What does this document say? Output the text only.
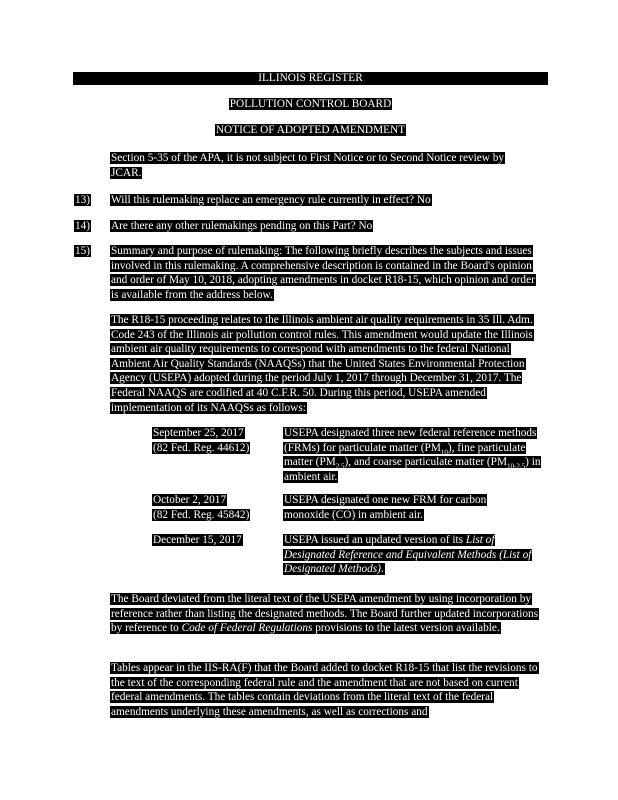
ILLINOIS REGISTER
POLLUTION CONTROL BOARD
NOTICE OF ADOPTED AMENDMENT
Section 5-35 of the APA, it is not subject to First Notice or to Second Notice review by JCAR.
13) Will this rulemaking replace an emergency rule currently in effect? No
14) Are there any other rulemakings pending on this Part? No
15) Summary and purpose of rulemaking: The following briefly describes the subjects and issues involved in this rulemaking. A comprehensive description is contained in the Board's opinion and order of May 10, 2018, adopting amendments in docket R18-15, which opinion and order is available from the address below.
The R18-15 proceeding relates to the Illinois ambient air quality requirements in 35 Ill. Adm. Code 243 of the Illinois air pollution control rules. This amendment would update the Illinois ambient air quality requirements to correspond with amendments to the federal National Ambient Air Quality Standards (NAAQSs) that the United States Environmental Protection Agency (USEPA) adopted during the period July 1, 2017 through December 31, 2017. The Federal NAAQS are codified at 40 C.F.R. 50. During this period, USEPA amended implementation of its NAAQSs as follows:
September 25, 2017
(82 Fed. Reg. 44612)
USEPA designated three new federal reference methods (FRMs) for particulate matter $(PM_{10})$, fine particulate matter $(PM_{2.5})$, and coarse particulate matter $(PM_{10-2.5})$ in ambient air.
October 2, 2017
(82 Fed. Reg. 45842)
USEPA designated one new FRM for carbon monoxide (CO) in ambient air.
December 15, 2017	USEPA issued an updated version of its List of Designated Reference and Equivalent Methods (List of Designated Methods).
The Board deviated from the literal text of the USEPA amendment by using incorporation by reference rather than listing the designated methods. The Board further updated incorporations by reference to Code of Federal Regulations provisions to the latest version available.
Tables appear in the IIS-RA(F) that the Board added to docket R18-15 that list the revisions to the text of the corresponding federal rule and the amendment that are not based on current federal amendments. The tables contain deviations from the literal text of the federal amendments underlying these amendments, as well as corrections and
